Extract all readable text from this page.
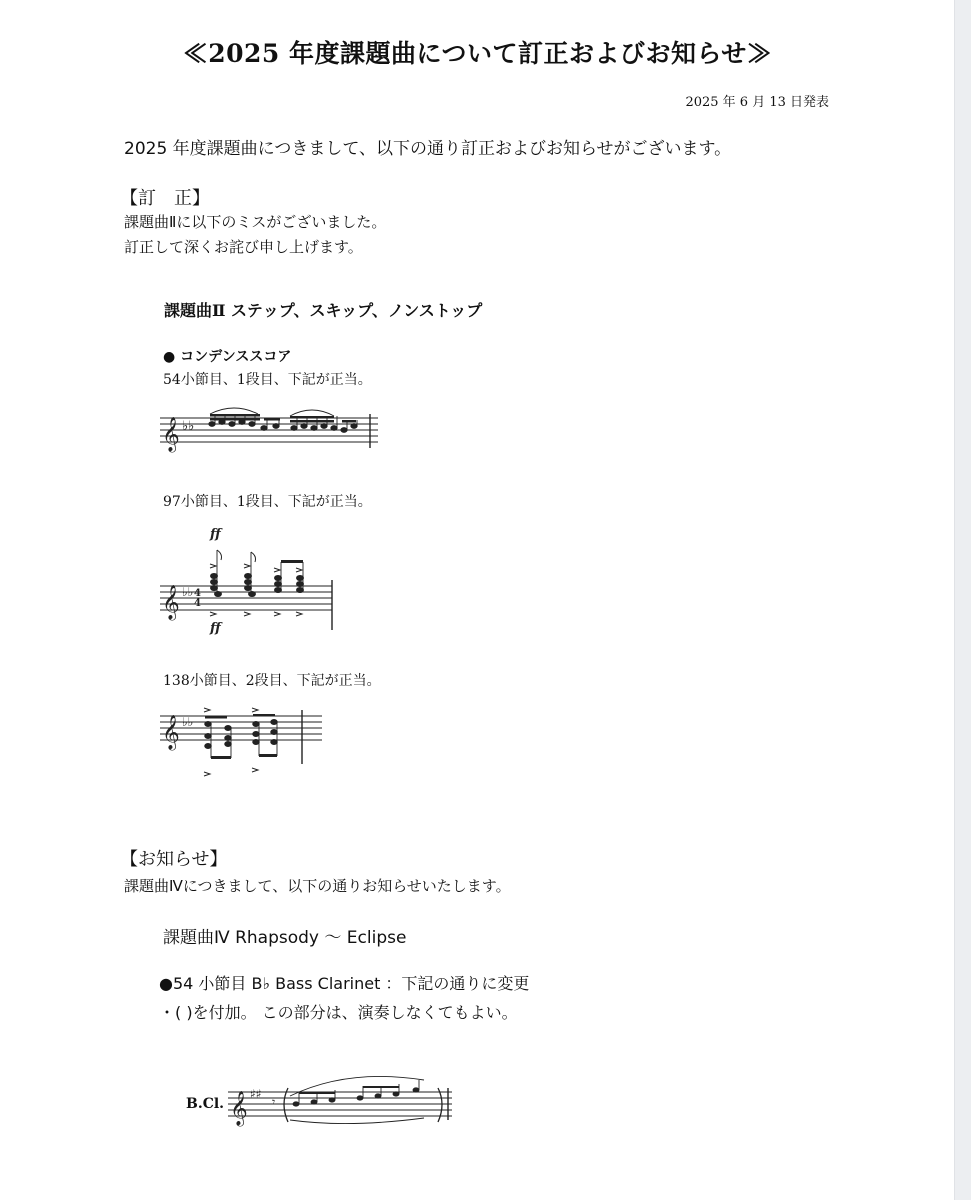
≪2025 年度課題曲について訂正およびお知らせ≫
2025 年 6 月 13 日発表
2025 年度課題曲につきまして、以下の通り訂正およびお知らせがございます。
【訂　正】
課題曲Ⅱに以下のミスがございました。
訂正して深くお詫び申し上げます。
課題曲Ⅱ ステップ、スキップ、ノンストップ
● コンデンススコア
54小節目、1段目、下記が正当。
𝄞 ♭♭
97小節目、1段目、下記が正当。
𝄞 ♭♭ 4
4
ff
ff
138小節目、2段目、下記が正当。
𝄞 ♭♭
【お知らせ】
課題曲Ⅳにつきまして、以下の通りお知らせいたします。
課題曲Ⅳ Rhapsody ～ Eclipse
●54 小節目 B♭ Bass Clarinet ：下記の通りに変更
・( )を付加。 この部分は、演奏しなくてもよい。
B.Cl. 𝄞 ♯♯
𝄾
